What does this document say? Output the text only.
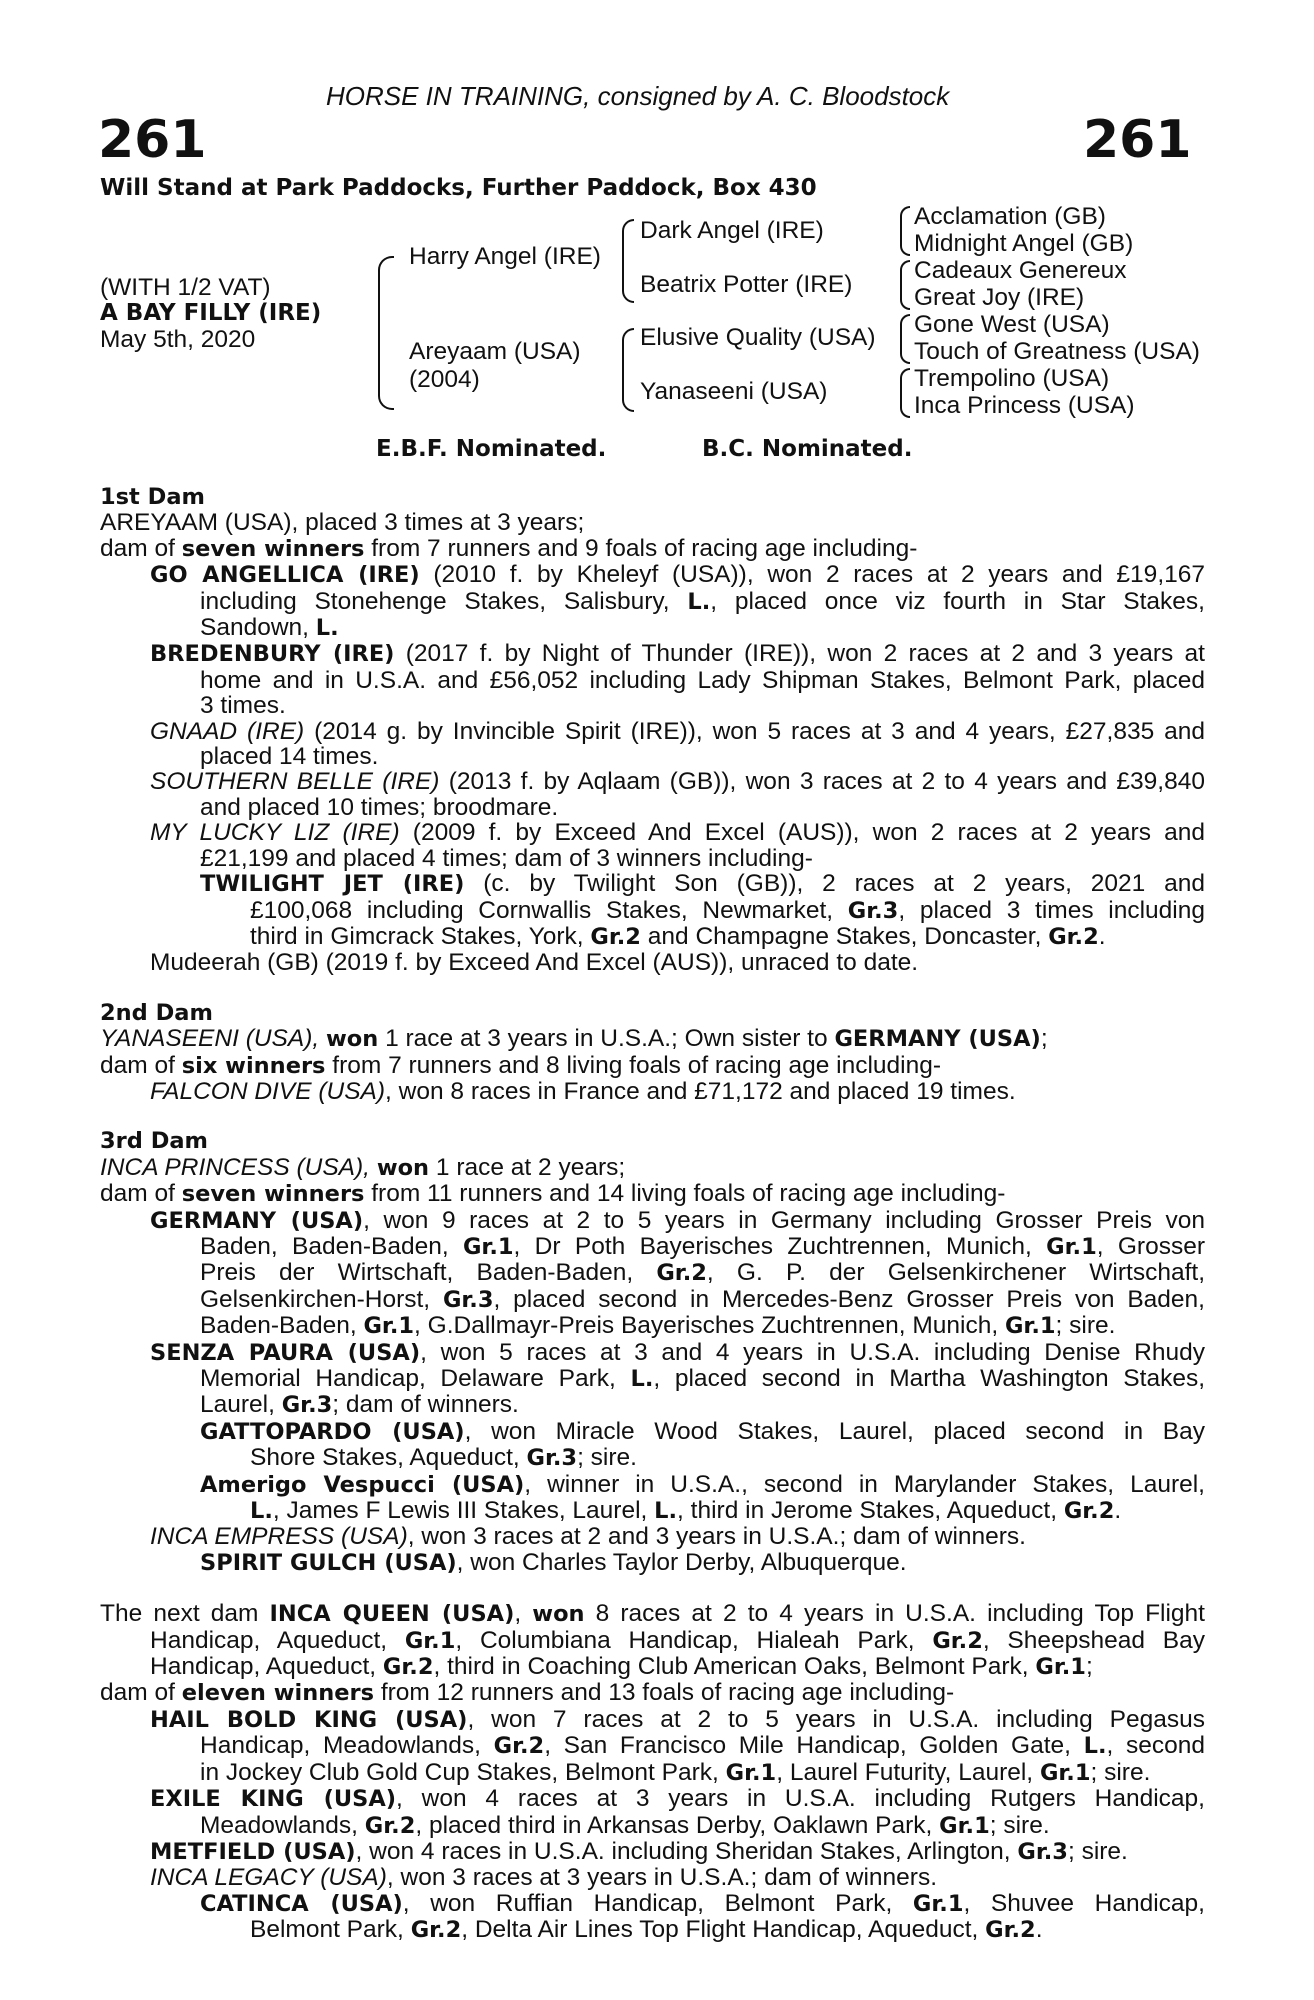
HORSE IN TRAINING, consigned by A. C. Bloodstock
261	261
Will Stand at Park Paddocks, Further Paddock, Box 430
(WITH 1/2 VAT)
A BAY FILLY (IRE)
May 5th, 2020
Harry Angel (IRE)
Areyaam (USA)
(2004)
Dark Angel (IRE)
Beatrix Potter (IRE)
Elusive Quality (USA)
Yanaseeni (USA)
Acclamation (GB)
Midnight Angel (GB)
Cadeaux Genereux
Great Joy (IRE)
Gone West (USA)
Touch of Greatness (USA)
Trempolino (USA)
Inca Princess (USA)
E.B.F. Nominated.	B.C. Nominated.
1st Dam
AREYAAM (USA), placed 3 times at 3 years;
dam of seven winners from 7 runners and 9 foals of racing age including-
GO ANGELLICA (IRE) (2010 f. by Kheleyf (USA)), won 2 races at 2 years and £19,167
including Stonehenge Stakes, Salisbury, L., placed once viz fourth in Star Stakes,
Sandown, L.
BREDENBURY (IRE) (2017 f. by Night of Thunder (IRE)), won 2 races at 2 and 3 years at
home and in U.S.A. and £56,052 including Lady Shipman Stakes, Belmont Park, placed
3 times.
GNAAD (IRE) (2014 g. by Invincible Spirit (IRE)), won 5 races at 3 and 4 years, £27,835 and
placed 14 times.
SOUTHERN BELLE (IRE) (2013 f. by Aqlaam (GB)), won 3 races at 2 to 4 years and £39,840
and placed 10 times; broodmare.
MY LUCKY LIZ (IRE) (2009 f. by Exceed And Excel (AUS)), won 2 races at 2 years and
£21,199 and placed 4 times; dam of 3 winners including-
TWILIGHT JET (IRE) (c. by Twilight Son (GB)), 2 races at 2 years, 2021 and
£100,068 including Cornwallis Stakes, Newmarket, Gr.3, placed 3 times including
third in Gimcrack Stakes, York, Gr.2 and Champagne Stakes, Doncaster, Gr.2.
Mudeerah (GB) (2019 f. by Exceed And Excel (AUS)), unraced to date.
2nd Dam
YANASEENI (USA), won 1 race at 3 years in U.S.A.; Own sister to GERMANY (USA);
dam of six winners from 7 runners and 8 living foals of racing age including-
FALCON DIVE (USA), won 8 races in France and £71,172 and placed 19 times.
3rd Dam
INCA PRINCESS (USA), won 1 race at 2 years;
dam of seven winners from 11 runners and 14 living foals of racing age including-
GERMANY (USA), won 9 races at 2 to 5 years in Germany including Grosser Preis von
Baden, Baden-Baden, Gr.1, Dr Poth Bayerisches Zuchtrennen, Munich, Gr.1, Grosser
Preis der Wirtschaft, Baden-Baden, Gr.2, G. P. der Gelsenkirchener Wirtschaft,
Gelsenkirchen-Horst, Gr.3, placed second in Mercedes-Benz Grosser Preis von Baden,
Baden-Baden, Gr.1, G.Dallmayr-Preis Bayerisches Zuchtrennen, Munich, Gr.1; sire.
SENZA PAURA (USA), won 5 races at 3 and 4 years in U.S.A. including Denise Rhudy
Memorial Handicap, Delaware Park, L., placed second in Martha Washington Stakes,
Laurel, Gr.3; dam of winners.
GATTOPARDO (USA), won Miracle Wood Stakes, Laurel, placed second in Bay
Shore Stakes, Aqueduct, Gr.3; sire.
Amerigo Vespucci (USA), winner in U.S.A., second in Marylander Stakes, Laurel,
L., James F Lewis III Stakes, Laurel, L., third in Jerome Stakes, Aqueduct, Gr.2.
INCA EMPRESS (USA), won 3 races at 2 and 3 years in U.S.A.; dam of winners.
SPIRIT GULCH (USA), won Charles Taylor Derby, Albuquerque.
The next dam INCA QUEEN (USA), won 8 races at 2 to 4 years in U.S.A. including Top Flight
Handicap, Aqueduct, Gr.1, Columbiana Handicap, Hialeah Park, Gr.2, Sheepshead Bay
Handicap, Aqueduct, Gr.2, third in Coaching Club American Oaks, Belmont Park, Gr.1;
dam of eleven winners from 12 runners and 13 foals of racing age including-
HAIL BOLD KING (USA), won 7 races at 2 to 5 years in U.S.A. including Pegasus
Handicap, Meadowlands, Gr.2, San Francisco Mile Handicap, Golden Gate, L., second
in Jockey Club Gold Cup Stakes, Belmont Park, Gr.1, Laurel Futurity, Laurel, Gr.1; sire.
EXILE KING (USA), won 4 races at 3 years in U.S.A. including Rutgers Handicap,
Meadowlands, Gr.2, placed third in Arkansas Derby, Oaklawn Park, Gr.1; sire.
METFIELD (USA), won 4 races in U.S.A. including Sheridan Stakes, Arlington, Gr.3; sire.
INCA LEGACY (USA), won 3 races at 3 years in U.S.A.; dam of winners.
CATINCA (USA), won Ruffian Handicap, Belmont Park, Gr.1, Shuvee Handicap,
Belmont Park, Gr.2, Delta Air Lines Top Flight Handicap, Aqueduct, Gr.2.
